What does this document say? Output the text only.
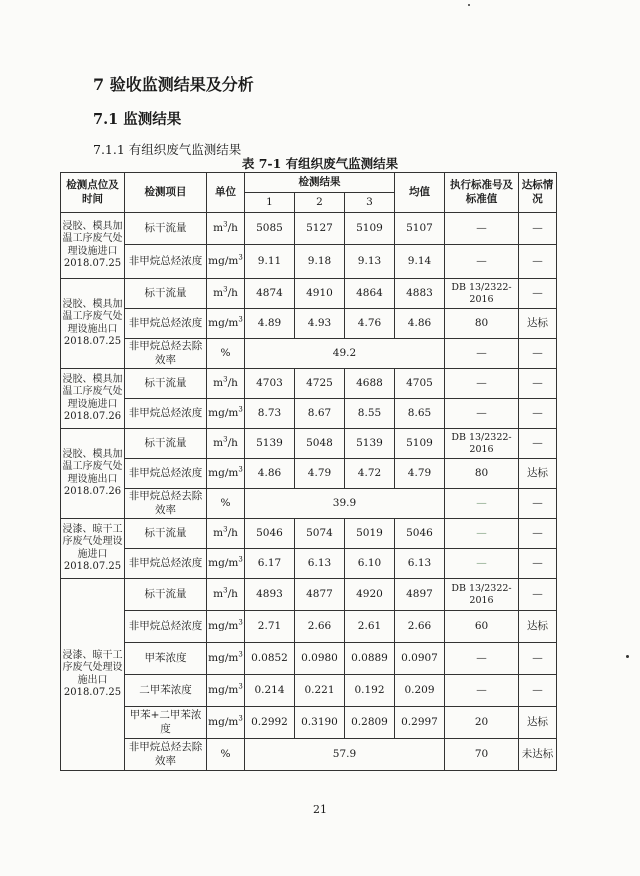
7 验收监测结果及分析
7.1 监测结果
7.1.1 有组织废气监测结果
表 7-1 有组织废气监测结果
检测点位及时间	检测项目	单位	检测结果			均值	执行标准号及标准值	达标情况
			1	2	3			
浸胶、模具加温工序废气处理设施进口 2018.07.25	标干流量	$m^3/h$	5085	5127	5109	5107	—	—
	非甲烷总烃浓度	$mg/m^3$	9.11	9.18	9.13	9.14	—	—
浸胶、模具加温工序废气处理设施出口 2018.07.25	标干流量	$m^3/h$	4874	4910	4864	4883	DB 13/2322-2016	—
	非甲烷总烃浓度	$mg/m^3$	4.89	4.93	4.76	4.86	80	达标
	非甲烷总烃去除效率	%	49.2				—	—
浸胶、模具加温工序废气处理设施进口 2018.07.26	标干流量	$m^3/h$	4703	4725	4688	4705	—	—
	非甲烷总烃浓度	$mg/m^3$	8.73	8.67	8.55	8.65	—	—
浸胶、模具加温工序废气处理设施出口 2018.07.26	标干流量	$m^3/h$	5139	5048	5139	5109	DB 13/2322-2016	—
	非甲烷总烃浓度	$mg/m^3$	4.86	4.79	4.72	4.79	80	达标
	非甲烷总烃去除效率	%	39.9				—	—
浸漆、晾干工序废气处理设施进口 2018.07.25	标干流量	$m^3/h$	5046	5074	5019	5046	—	—
	非甲烷总烃浓度	$mg/m^3$	6.17	6.13	6.10	6.13	—	—
浸漆、晾干工序废气处理设施出口 2018.07.25	标干流量	$m^3/h$	4893	4877	4920	4897	DB 13/2322-2016	—
	非甲烷总烃浓度	$mg/m^3$	2.71	2.66	2.61	2.66	60	达标
	甲苯浓度	$mg/m^3$	0.0852	0.0980	0.0889	0.0907	—	—
	二甲苯浓度	$mg/m^3$	0.214	0.221	0.192	0.209	—	—
	甲苯+二甲苯浓度	$mg/m^3$	0.2992	0.3190	0.2809	0.2997	20	达标
	非甲烷总烃去除效率	%	57.9				70	未达标
21
